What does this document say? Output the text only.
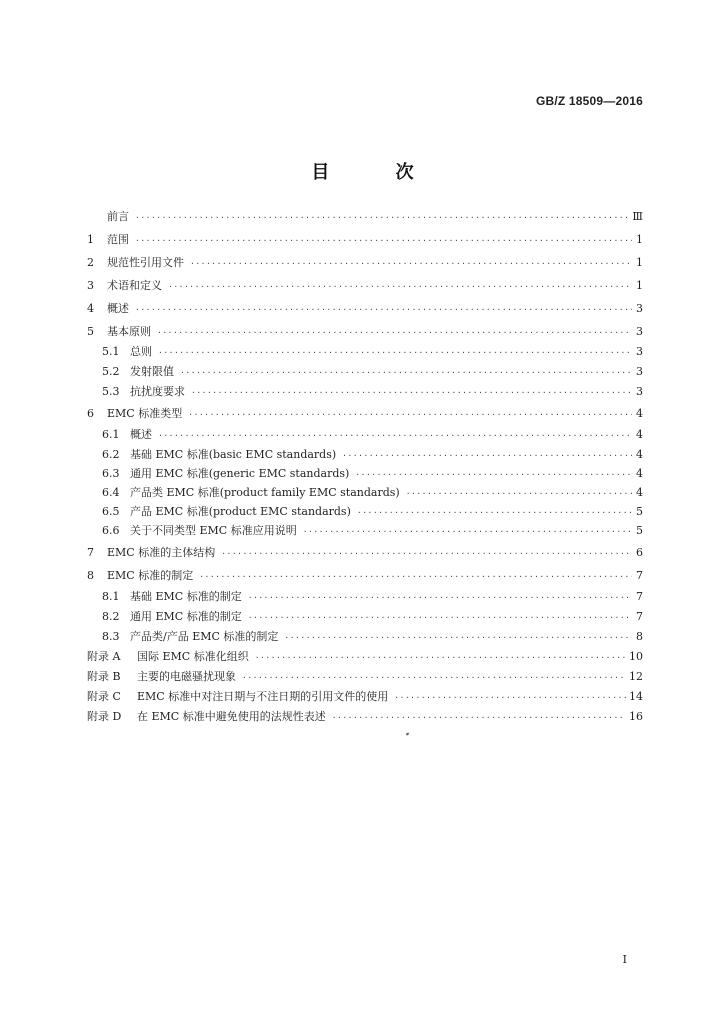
GB/Z 18509—2016
目 次
前言 ·····	Ⅲ
1	范围 ·····	1
2	规范性引用文件 ·····	1
3	术语和定义 ·····	1
4	概述 ·····	3
5	基本原则 ·····	3
5.1 总则 ·····	3
5.2 发射限值 ·····	3
5.3 抗扰度要求 ·····	3
6	EMC 标准类型 ·····	4
6.1 概述 ·····	4
6.2 基础 EMC 标准(basic EMC standards) ·····	4
6.3 通用 EMC 标准(generic EMC standards) ·····	4
6.4 产品类 EMC 标准(product family EMC standards) ·····	4
6.5 产品 EMC 标准(product EMC standards) ·····	5
6.6 关于不同类型 EMC 标准应用说明 ·····	5
7	EMC 标准的主体结构 ·····	6
8	EMC 标准的制定 ·····	7
8.1 基础 EMC 标准的制定 ·····	7
8.2 通用 EMC 标准的制定 ·····	7
8.3 产品类/产品 EMC 标准的制定 ·····	8
附录 A	国际 EMC 标准化组织 ·····	10
附录 B	主要的电磁骚扰现象 ·····	12
附录 C	EMC 标准中对注日期与不注日期的引用文件的使用 ·····	14
附录 D	在 EMC 标准中避免使用的法规性表述 ·····	16
I
